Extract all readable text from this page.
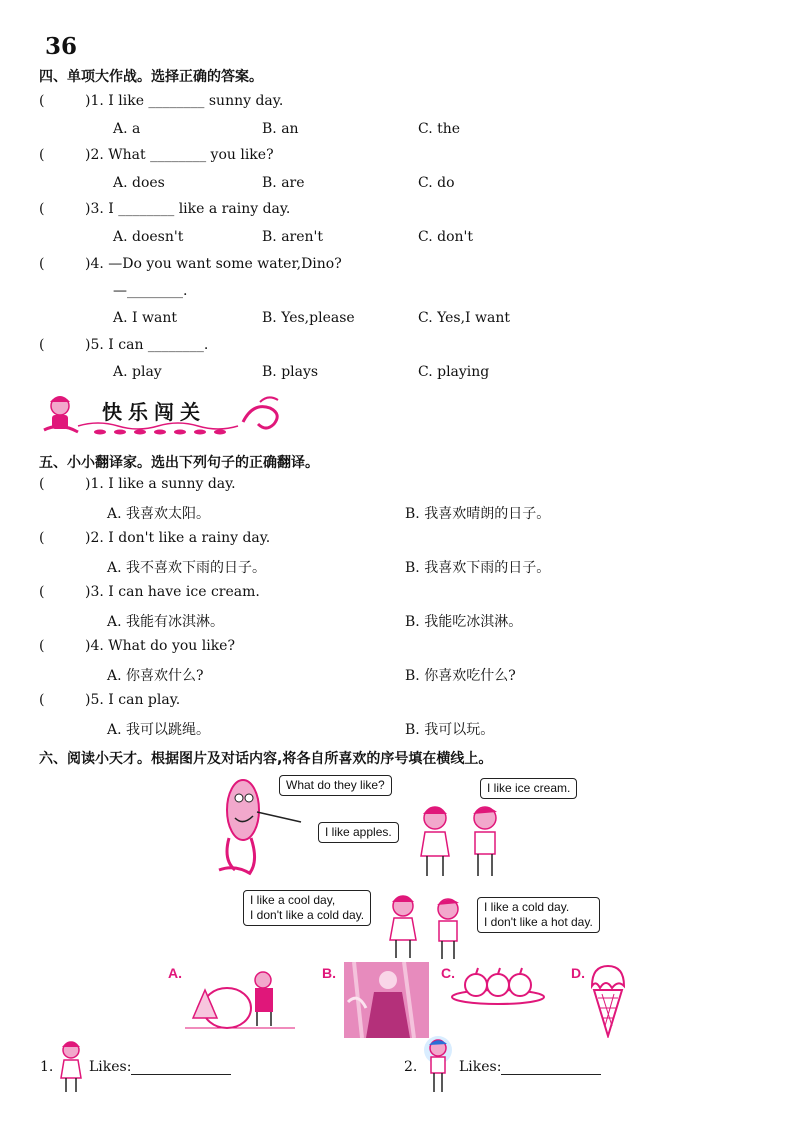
36
四、单项大作战。选择正确的答案。
(	)1. I like ________ sunny day.
A. a	B. an	C. the
(	)2. What ________ you like?
A. does	B. are	C. do
(	)3. I ________ like a rainy day.
A. doesn't	B. aren't	C. don't
(	)4. —Do you want some water,Dino?
—________.
A. I want	B. Yes,please	C. Yes,I want
(	)5. I can ________.
A. play	B. plays	C. playing
快乐闯关
五、小小翻译家。选出下列句子的正确翻译。
(	)1. I like a sunny day.
A. 我喜欢太阳。	B. 我喜欢晴朗的日子。
(	)2. I don't like a rainy day.
A. 我不喜欢下雨的日子。	B. 我喜欢下雨的日子。
(	)3. I can have ice cream.
A. 我能有冰淇淋。	B. 我能吃冰淇淋。
(	)4. What do you like?
A. 你喜欢什么?	B. 你喜欢吃什么?
(	)5. I can play.
A. 我可以跳绳。	B. 我可以玩。
六、阅读小天才。根据图片及对话内容,将各自所喜欢的序号填在横线上。
What do they like?	I like ice cream.
I like apples.
I like a cool day,
I don't like a cold day.
I like a cold day.
I don't like a hot day.
A.	B.	C.	D.
1.	Likes:	2.	Likes:
